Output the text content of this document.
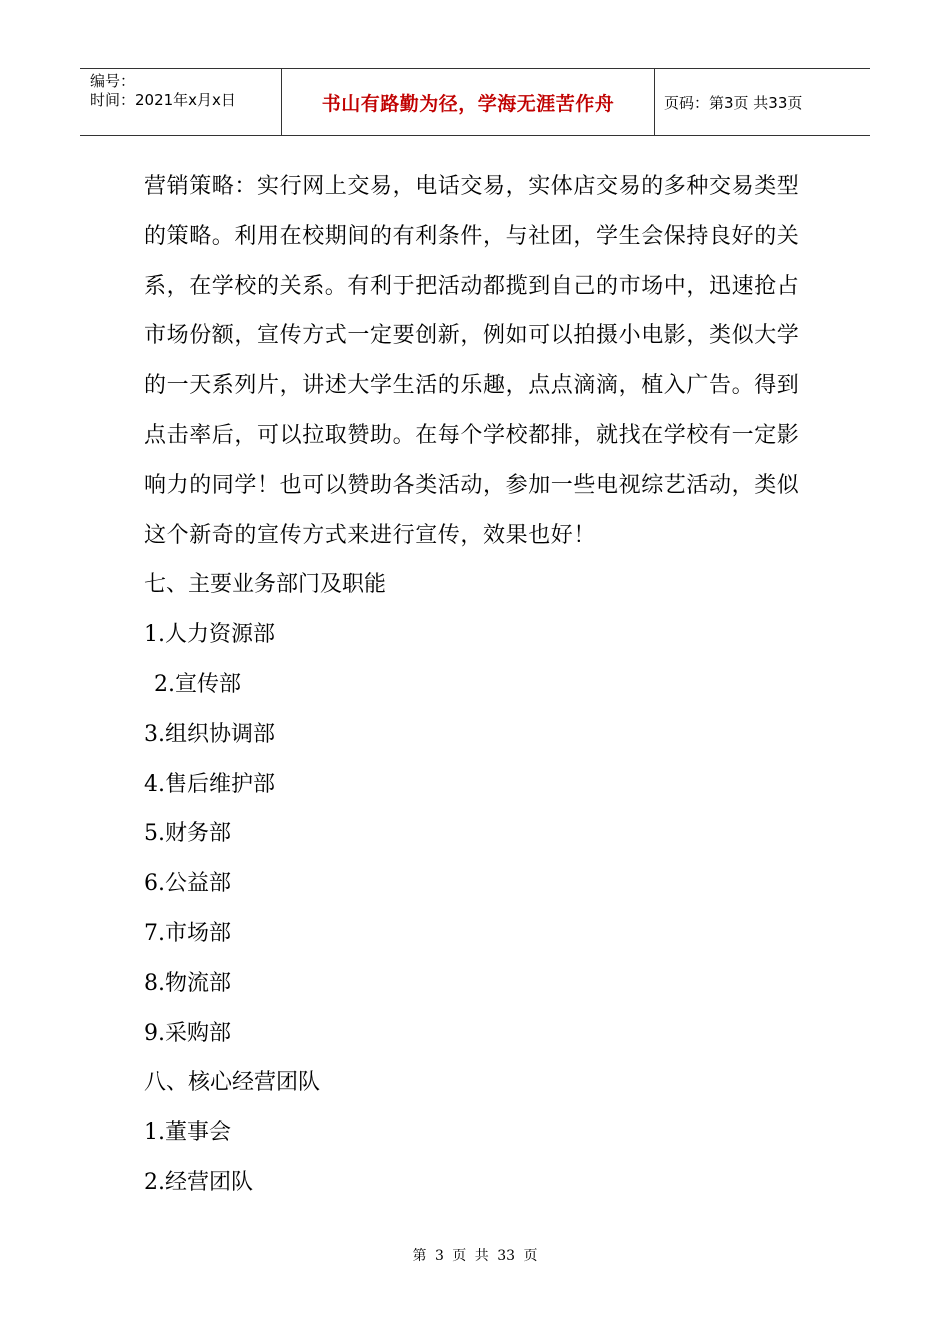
编号：
时间：2021年x月x日	书山有路勤为径，学海无涯苦作舟	页码：第3页 共33页

营销策略：实行网上交易，电话交易，实体店交易的多种交易类型的策略。利用在校期间的有利条件，与社团，学生会保持良好的关系，在学校的关系。有利于把活动都揽到自己的市场中，迅速抢占市场份额，宣传方式一定要创新，例如可以拍摄小电影，类似大学的一天系列片，讲述大学生活的乐趣，点点滴滴，植入广告。得到点击率后，可以拉取赞助。在每个学校都排，就找在学校有一定影响力的同学！也可以赞助各类活动，参加一些电视综艺活动，类似这个新奇的宣传方式来进行宣传，效果也好！

七、主要业务部门及职能

1.人力资源部

2.宣传部

3.组织协调部

4.售后维护部

5.财务部

6.公益部

7.市场部

8.物流部

9.采购部

八、核心经营团队

1.董事会

2.经营团队

第 3 页 共 33 页
